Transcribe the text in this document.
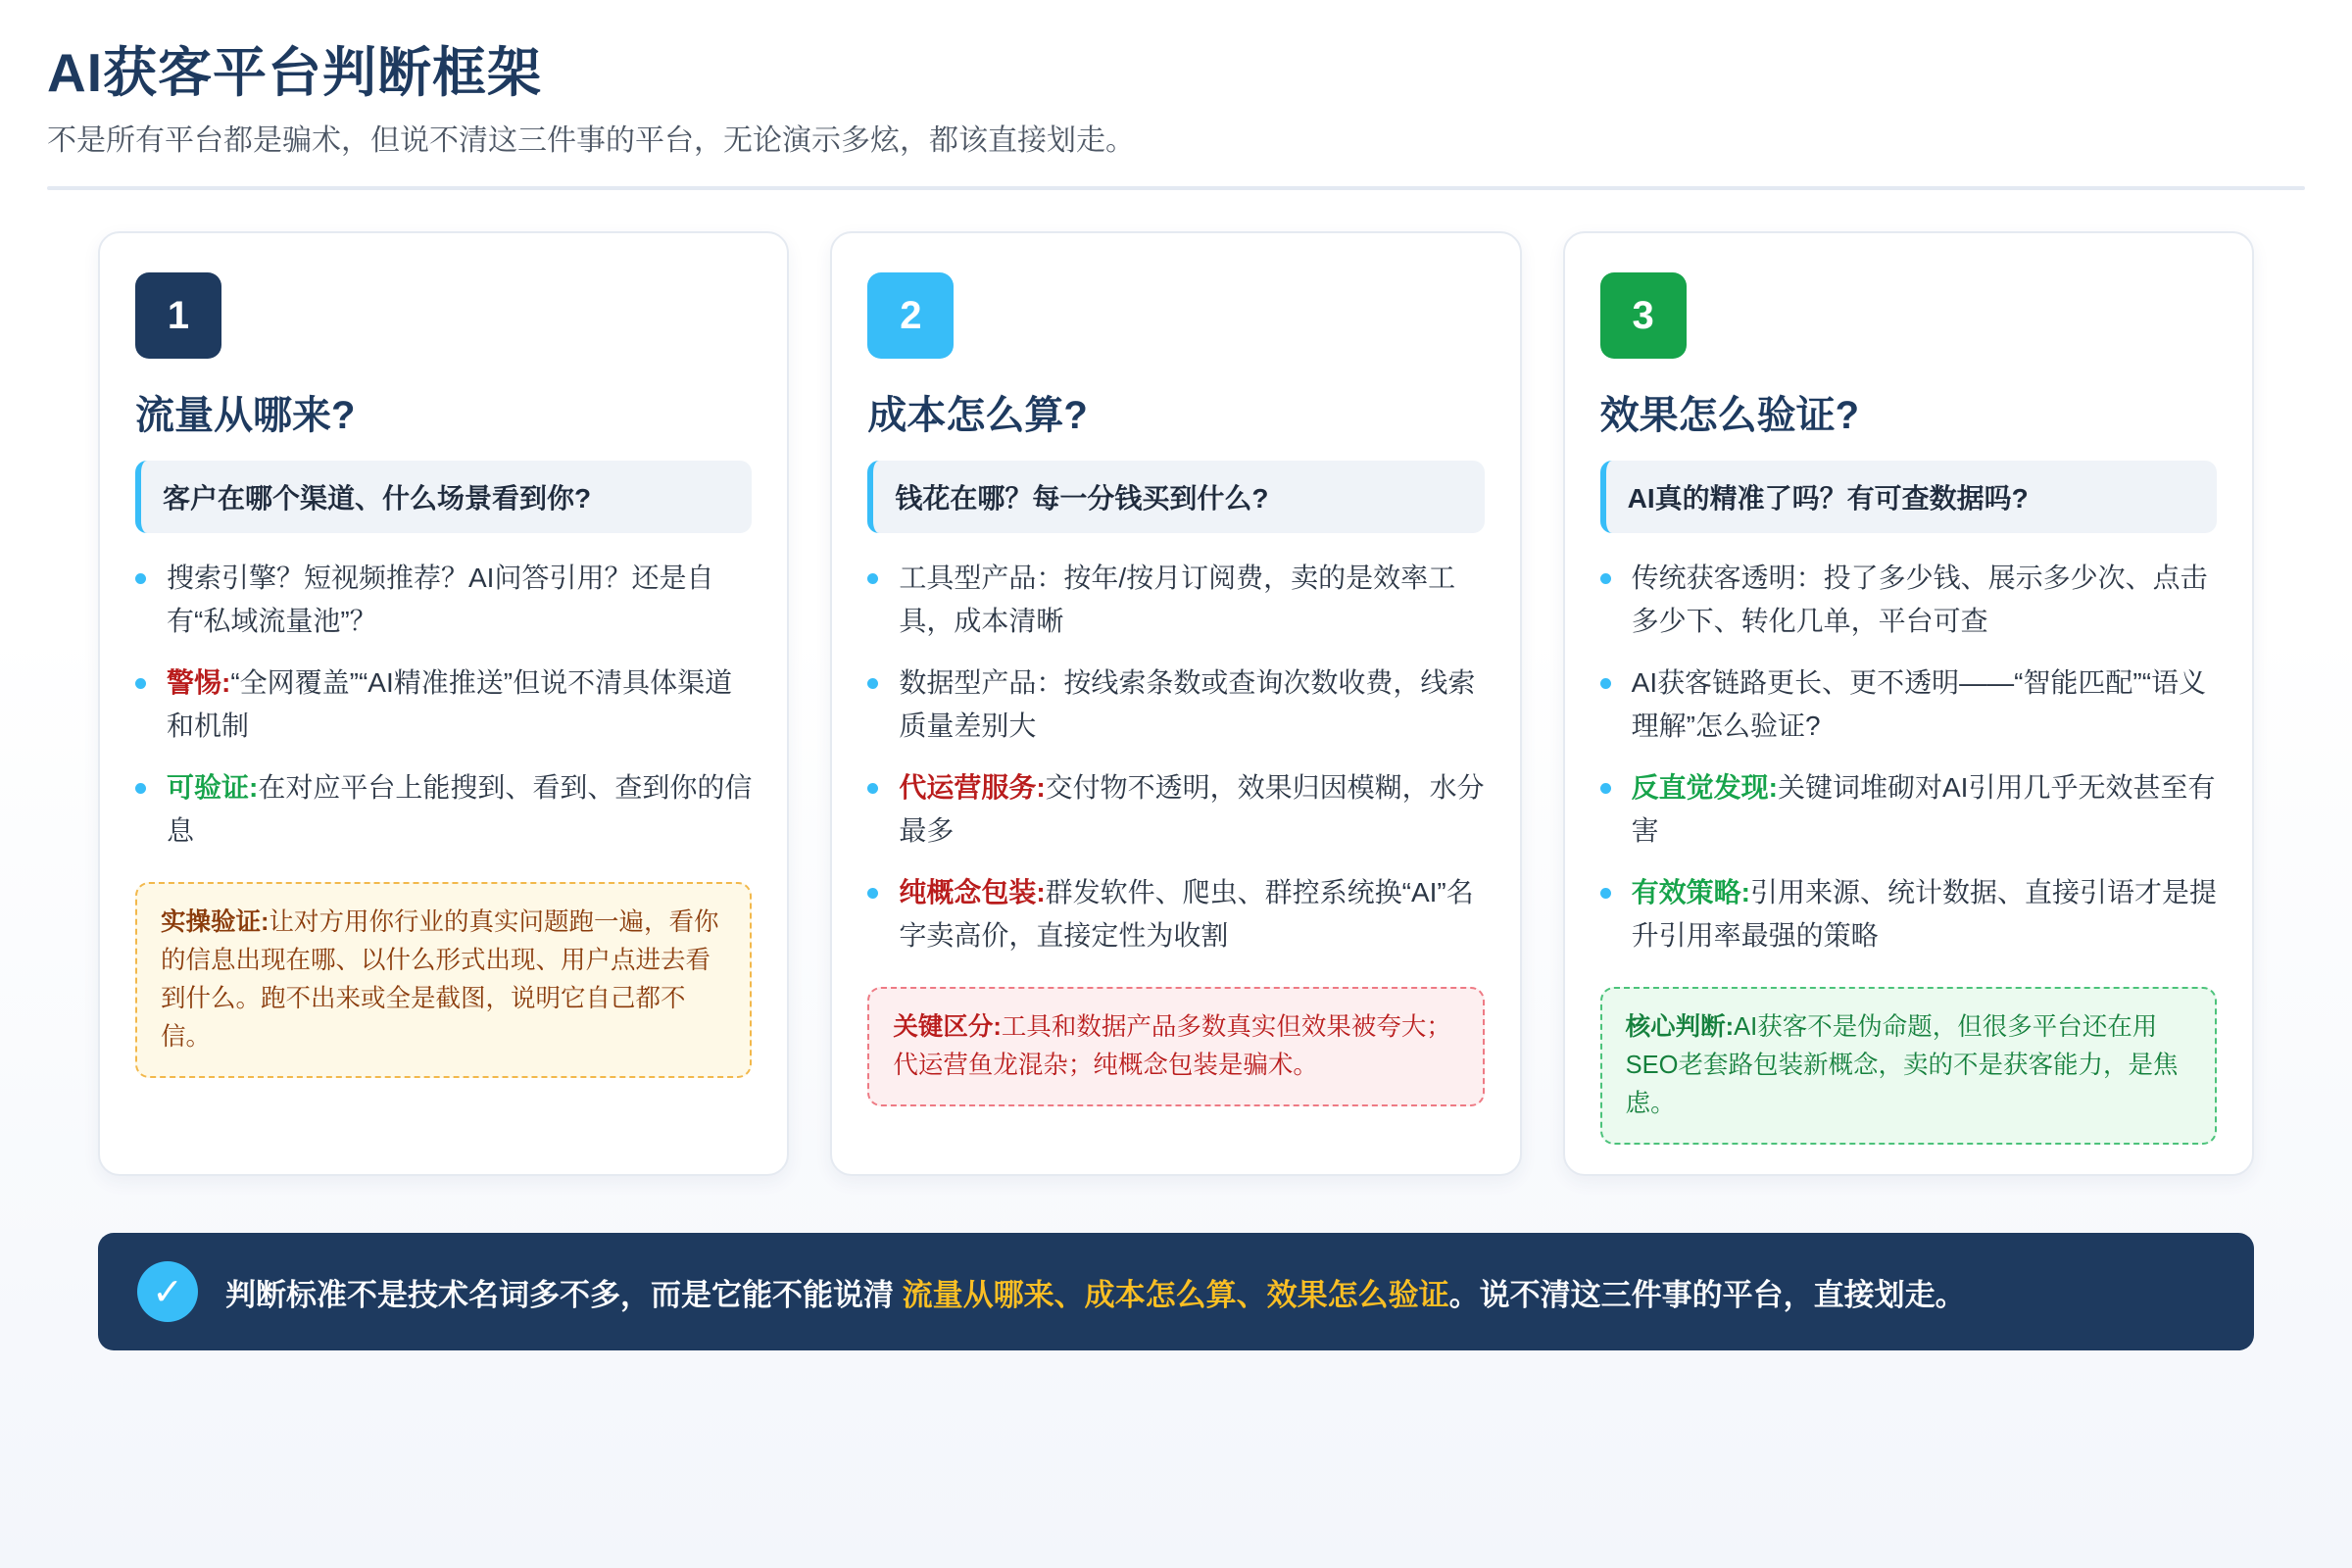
AI获客平台判断框架

不是所有平台都是骗术，但说不清这三件事的平台，无论演示多炫，都该直接划走。

1
流量从哪来?
客户在哪个渠道、什么场景看到你?
搜索引擎？短视频推荐？AI问答引用？还是自有“私域流量池”？
警惕:“全网覆盖”“AI精准推送”但说不清具体渠道和机制
可验证:在对应平台上能搜到、看到、查到你的信息
实操验证:让对方用你行业的真实问题跑一遍，看你的信息出现在哪、以什么形式出现、用户点进去看到什么。跑不出来或全是截图，说明它自己都不信。
2
成本怎么算?
钱花在哪？每一分钱买到什么?
工具型产品：按年/按月订阅费，卖的是效率工具，成本清晰
数据型产品：按线索条数或查询次数收费，线索质量差别大
代运营服务:交付物不透明，效果归因模糊，水分最多
纯概念包装:群发软件、爬虫、群控系统换“AI”名字卖高价，直接定性为收割
关键区分:工具和数据产品多数真实但效果被夸大；代运营鱼龙混杂；纯概念包装是骗术。
3
效果怎么验证?
AI真的精准了吗？有可查数据吗?
传统获客透明：投了多少钱、展示多少次、点击多少下、转化几单，平台可查
AI获客链路更长、更不透明——“智能匹配”“语义理解”怎么验证?
反直觉发现:关键词堆砌对AI引用几乎无效甚至有害
有效策略:引用来源、统计数据、直接引语才是提升引用率最强的策略
核心判断:AI获客不是伪命题，但很多平台还在用SEO老套路包装新概念，卖的不是获客能力，是焦虑。
✓	判断标准不是技术名词多不多，而是它能不能说清 流量从哪来、成本怎么算、效果怎么验证。说不清这三件事的平台，直接划走。
